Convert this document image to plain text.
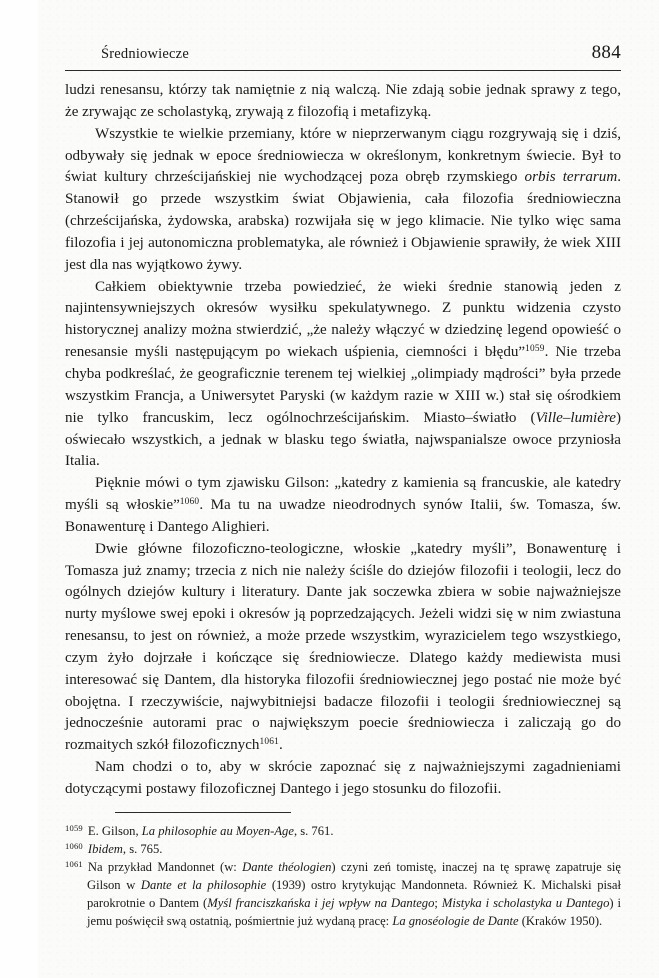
Średniowiecze	884

ludzi renesansu, którzy tak namiętnie z nią walczą. Nie zdają sobie jednak sprawy z tego, że zrywając ze scholastyką, zrywają z filozofią i metafizyką.

Wszystkie te wielkie przemiany, które w nieprzerwanym ciągu rozgrywają się i dziś, odbywały się jednak w epoce średniowiecza w określonym, konkretnym świecie. Był to świat kultury chrześcijańskiej nie wychodzącej poza obręb rzymskiego orbis terrarum. Stanowił go przede wszystkim świat Objawienia, cała filozofia średniowieczna (chrześcijańska, żydowska, arabska) rozwijała się w jego klimacie. Nie tylko więc sama filozofia i jej autonomiczna problematyka, ale również i Objawienie sprawiły, że wiek XIII jest dla nas wyjątkowo żywy.

Całkiem obiektywnie trzeba powiedzieć, że wieki średnie stanowią jeden z najintensywniejszych okresów wysiłku spekulatywnego. Z punktu widzenia czysto historycznej analizy można stwierdzić, „że należy włączyć w dziedzinę legend opowieść o renesansie myśli następującym po wiekach uśpienia, ciemności i błędu”$^{1059}$. Nie trzeba chyba podkreślać, że geograficznie terenem tej wielkiej „olimpiady mądrości” była przede wszystkim Francja, a Uniwersytet Paryski (w każdym razie w XIII w.) stał się ośrodkiem nie tylko francuskim, lecz ogólnochrześcijańskim. Miasto–światło (Ville–lumière) oświecało wszystkich, a jednak w blasku tego światła, najwspanialsze owoce przyniosła Italia.

Pięknie mówi o tym zjawisku Gilson: „katedry z kamienia są francuskie, ale katedry myśli są włoskie”$^{1060}$. Ma tu na uwadze nieodrodnych synów Italii, św. Tomasza, św. Bonawenturę i Dantego Alighieri.

Dwie główne filozoficzno-teologiczne, włoskie „katedry myśli”, Bonawenturę i Tomasza już znamy; trzecia z nich nie należy ściśle do dziejów filozofii i teologii, lecz do ogólnych dziejów kultury i literatury. Dante jak soczewka zbiera w sobie najważniejsze nurty myślowe swej epoki i okresów ją poprzedzających. Jeżeli widzi się w nim zwiastuna renesansu, to jest on również, a może przede wszystkim, wyrazicielem tego wszystkiego, czym żyło dojrzałe i kończące się średniowiecze. Dlatego każdy mediewista musi interesować się Dantem, dla historyka filozofii średniowiecznej jego postać nie może być obojętna. I rzeczywiście, najwybitniejsi badacze filozofii i teologii średniowiecznej są jednocześnie autorami prac o największym poecie średniowiecza i zaliczają go do rozmaitych szkół filozoficznych$^{1061}$.

Nam chodzi o to, aby w skrócie zapoznać się z najważniejszymi zagadnieniami dotyczącymi postawy filozoficznej Dantego i jego stosunku do filozofii.

$^{1059}$ E. Gilson, La philosophie au Moyen-Age, s. 761.

$^{1060}$ Ibidem, s. 765.

$^{1061}$ Na przykład Mandonnet (w: Dante théologien) czyni zeń tomistę, inaczej na tę sprawę zapatruje się Gilson w Dante et la philosophie (1939) ostro krytykując Mandonneta. Również K. Michalski pisał parokrotnie o Dantem (Myśl franciszkańska i jej wpływ na Dantego; Mistyka i scholastyka u Dantego) i jemu poświęcił swą ostatnią, pośmiertnie już wydaną pracę: La gnoséologie de Dante (Kraków 1950).
